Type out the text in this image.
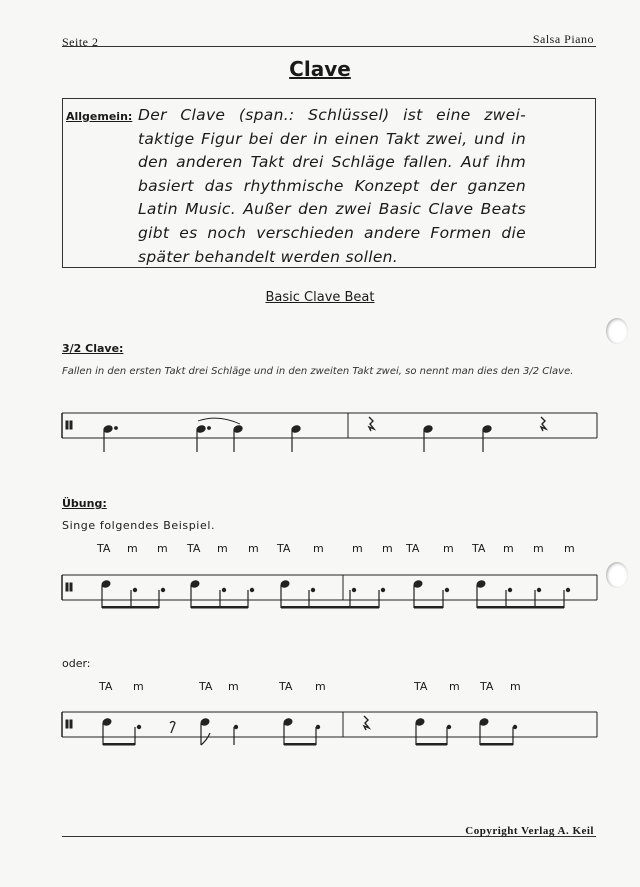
Seite 2	Salsa Piano
Clave
Allgemein: Der Clave (span.: Schlüssel) ist eine zwei-taktige Figur bei der in einen Takt zwei, und in den anderen Takt drei Schläge fallen. Auf ihm basiert das rhythmische Konzept der ganzen Latin Music. Außer den zwei Basic Clave Beats gibt es noch verschieden andere Formen die später behandelt werden sollen.
Basic Clave Beat
3/2 Clave:
Fallen in den ersten Takt drei Schläge und in den zweiten Takt zwei, so nennt man dies den 3/2 Clave.
Übung:
Singe folgendes Beispiel.
TA m m TA m m TA m	m m TA m TA m m m
oder:
TA m	TA m	TA m	TA m TA m
Copyright Verlag A. Keil
